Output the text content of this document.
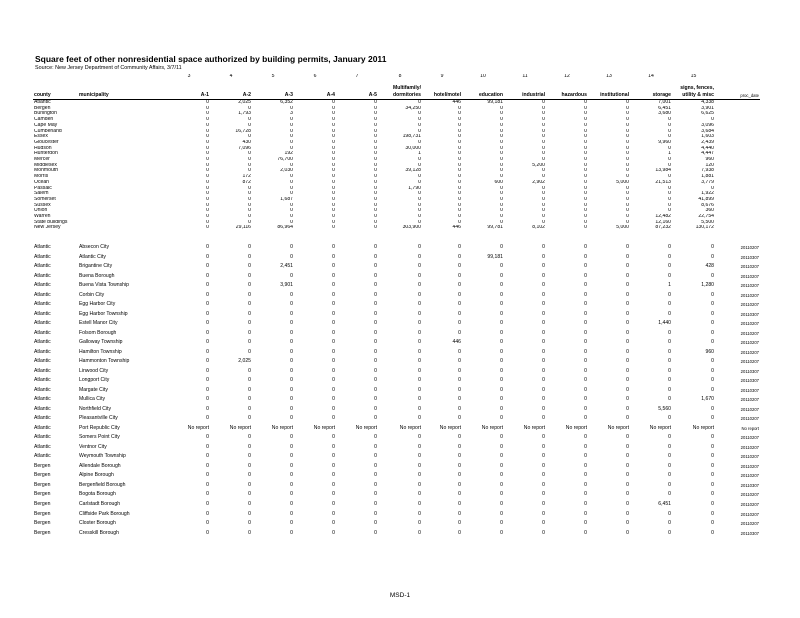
Square feet of other nonresidential space authorized by building permits, January 2011
Source: New Jersey Department of Community Affairs, 3/7/11
		3	4	5	6	7	8	9	10	11	12	13	14	15	
							Multifamily/						signs, fences,		
county	municipality	A-1	A-2	A-3	A-4	A-5	dormitories	hotel/motel	education	industrial	hazardous	institutional	storage	utility & misc	proc_date
Atlantic		0	2,025	6,352	0	0	0	446	99,181	0	0	0	7,001	4,338	
Bergen		0	0	0	0	0	34,250	0	0	0	0	0	6,451	3,901	
Burlington		0	1,793	3	0	0	0	0	0	0	0	0	3,680	6,625	
Camden		0	0	0	0	0	0	0	0	0	0	0	0	0	
Cape May		0	0	0	0	0	0	0	0	0	0	0	0	3,096	
Cumberland		0	16,728	0	0	0	0	0	0	0	0	0	0	3,684	
Essex		0	0	0	0	0	198,731	0	0	0	0	0	0	1,603	
Gloucester		0	430	0	0	0	0	0	0	0	0	0	9,960	2,439	
Hudson		0	7,096	0	0	0	30,000	0	0	0	0	0	0	4,440	
Hunterdon		0	0	192	0	0	1	0	0	0	0	0	1	4,447	
Mercer		0	0	76,700	0	0	0	0	0	0	0	0	0	960	
Middlesex		0	0	0	0	0	0	0	0	5,200	0	0	0	120	
Monmouth		0	0	2,030	0	0	39,128	0	0	0	0	0	13,984	7,938	
Morris		0	172	0	0	0	0	0	0	0	0	0	0	1,881	
Ocean		0	872	0	0	0	0	0	600	2,902	0	5,000	21,513	3,779	
Passaic		0	0	0	0	0	1,790	0	0	0	0	0	0	0	
Salem		0	0	0	0	0	0	0	0	0	0	0	0	1,922	
Somerset		0	0	1,687	0	0	0	0	0	0	0	0	0	41,899	
Sussex		0	0	0	0	0	0	0	0	0	0	0	0	8,676	
Union		0	0	0	0	0	0	0	0	0	0	0	0	360	
Warren		0	0	0	0	0	0	0	0	0	0	0	12,482	22,754	
State buildings		0	0	0	0	0	0	0	0	0	0	0	12,160	5,500	
New Jersey		0	29,116	86,964	0	0	303,900	446	99,781	8,102	0	5,000	87,232	130,172	

Atlantic	Absecon City	0	0	0	0	0	0	0	0	0	0	0	0	0	20110207
Atlantic	Atlantic City	0	0	0	0	0	0	0	99,181	0	0	0	0	0	20110307
Atlantic	Brigantine City	0	0	2,451	0	0	0	0	0	0	0	0	0	428	20110207
Atlantic	Buena Borough	0	0	0	0	0	0	0	0	0	0	0	0	0	20110207
Atlantic	Buena Vista Township	0	0	3,901	0	0	0	0	0	0	0	0	1	1,280	20110207
Atlantic	Corbin City	0	0	0	0	0	0	0	0	0	0	0	0	0	20110207
Atlantic	Egg Harbor City	0	0	0	0	0	0	0	0	0	0	0	0	0	20110207
Atlantic	Egg Harbor Township	0	0	0	0	0	0	0	0	0	0	0	0	0	20110307
Atlantic	Estell Manor City	0	0	0	0	0	0	0	0	0	0	0	1,440	0	20110207
Atlantic	Folsom Borough	0	0	0	0	0	0	0	0	0	0	0	0	0	20110207
Atlantic	Galloway Township	0	0	0	0	0	0	446	0	0	0	0	0	0	20110207
Atlantic	Hamilton Township	0	0	0	0	0	0	0	0	0	0	0	0	960	20110207
Atlantic	Hammonton Township	0	2,025	0	0	0	0	0	0	0	0	0	0	0	20110207
Atlantic	Linwood City	0	0	0	0	0	0	0	0	0	0	0	0	0	20110307
Atlantic	Longport City	0	0	0	0	0	0	0	0	0	0	0	0	0	20110307
Atlantic	Margate City	0	0	0	0	0	0	0	0	0	0	0	0	0	20110307
Atlantic	Mullica City	0	0	0	0	0	0	0	0	0	0	0	0	1,670	20110207
Atlantic	Northfield City	0	0	0	0	0	0	0	0	0	0	0	5,560	0	20110207
Atlantic	Pleasantville City	0	0	0	0	0	0	0	0	0	0	0	0	0	20110207
Atlantic	Port Republic City	No report	No report	No report	No report	No report	No report	No report	No report	No report	No report	No report	No report	No report	No report
Atlantic	Somers Point City	0	0	0	0	0	0	0	0	0	0	0	0	0	20110207
Atlantic	Ventnor City	0	0	0	0	0	0	0	0	0	0	0	0	0	20110207
Atlantic	Weymouth Township	0	0	0	0	0	0	0	0	0	0	0	0	0	20110207
Bergen	Allendale Borough	0	0	0	0	0	0	0	0	0	0	0	0	0	20110207
Bergen	Alpine Borough	0	0	0	0	0	0	0	0	0	0	0	0	0	20110207
Bergen	Bergenfield Borough	0	0	0	0	0	0	0	0	0	0	0	0	0	20110307
Bergen	Bogota Borough	0	0	0	0	0	0	0	0	0	0	0	0	0	20110207
Bergen	Carlstadt Borough	0	0	0	0	0	0	0	0	0	0	0	6,451	0	20110207
Bergen	Cliffside Park Borough	0	0	0	0	0	0	0	0	0	0	0	0	0	20110207
Bergen	Closter Borough	0	0	0	0	0	0	0	0	0	0	0	0	0	20110207
Bergen	Cresskill Borough	0	0	0	0	0	0	0	0	0	0	0	0	0	20110307
MSD-1
